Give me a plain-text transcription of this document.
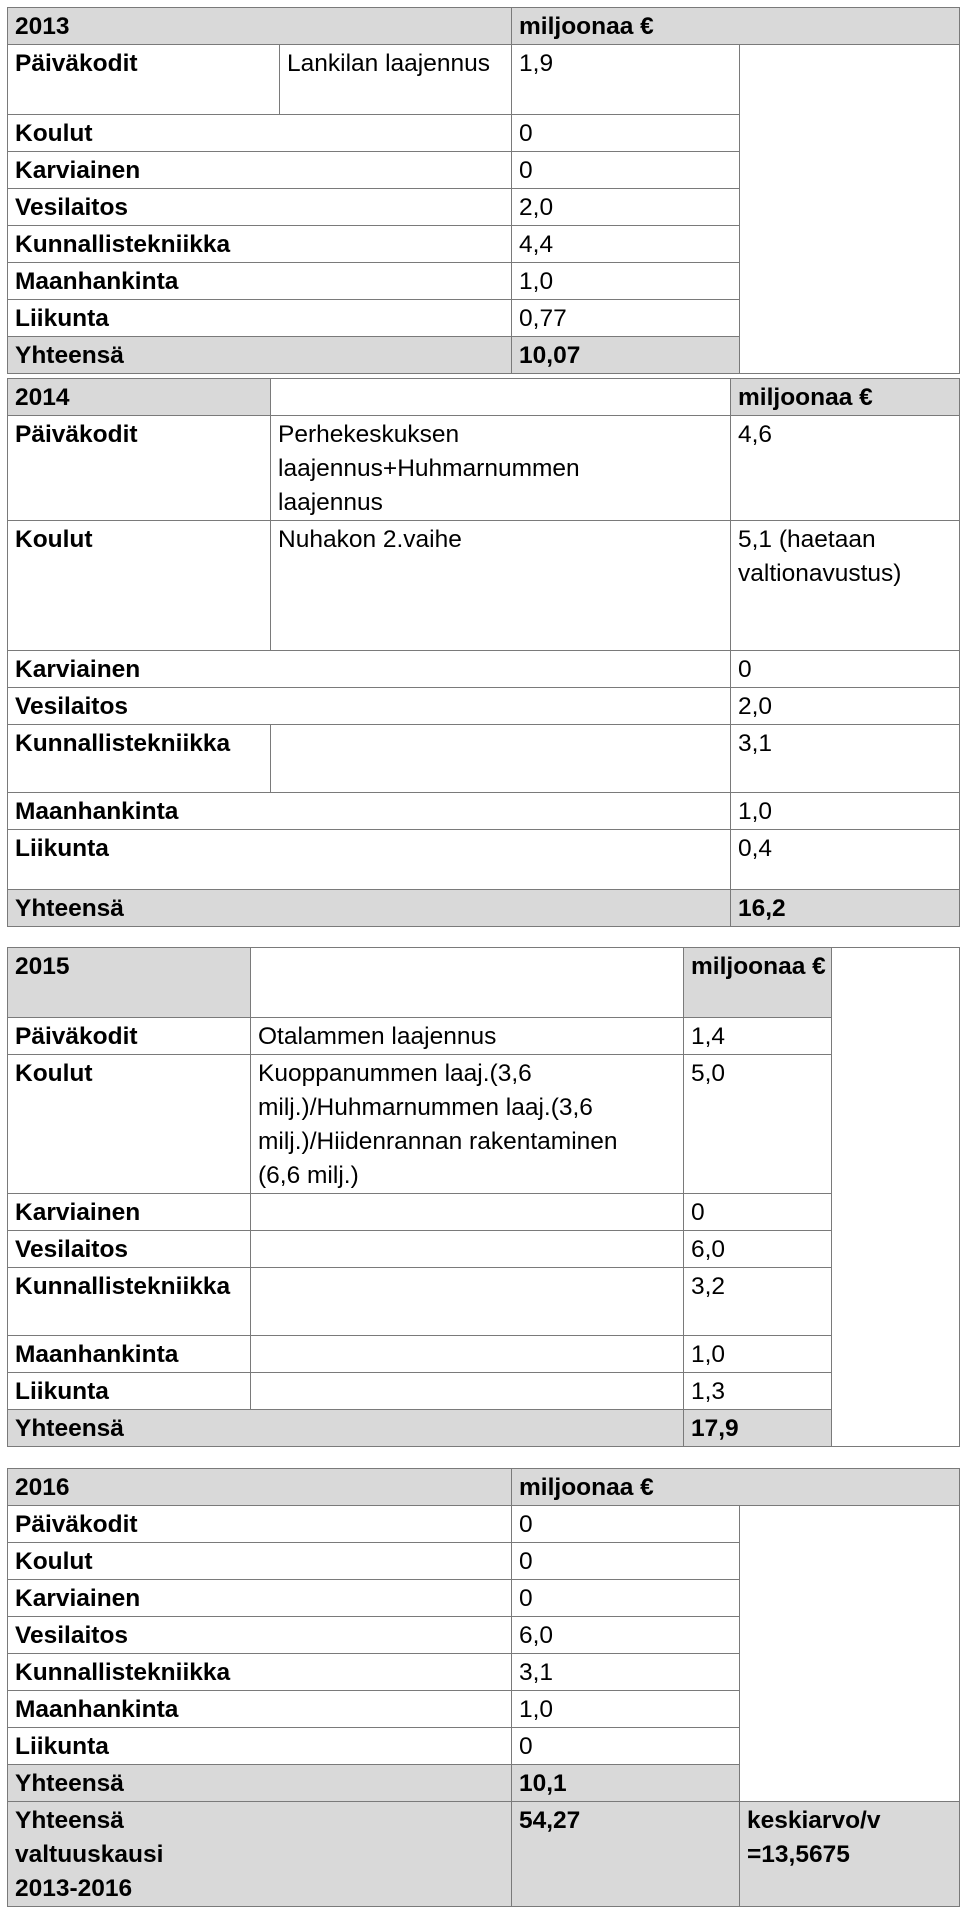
2013		miljoonaa €	
Päiväkodit	Lankilan laajennus	1,9	
Koulut		0	
Karviainen		0	
Vesilaitos		2,0	
Kunnallistekniikka		4,4	
Maanhankinta		1,0	
Liikunta		0,77	
Yhteensä		10,07	
2014		miljoonaa €
Päiväkodit	Perhekeskuksen laajennus+Huhmarnummen laajennus	4,6
Koulut	Nuhakon 2.vaihe	5,1 (haetaan valtionavustus)
Karviainen		0
Vesilaitos		2,0
Kunnallistekniikka		3,1
Maanhankinta		1,0
Liikunta		0,4
Yhteensä		16,2
2015		miljoonaa €	
Päiväkodit	Otalammen laajennus	1,4	
Koulut	Kuoppanummen laaj.(3,6 milj.)/Huhmarnummen laaj.(3,6 milj.)/Hiidenrannan rakentaminen (6,6 milj.)	5,0	
Karviainen		0	
Vesilaitos		6,0	
Kunnallistekniikka		3,2	
Maanhankinta		1,0	
Liikunta		1,3	
Yhteensä		17,9	
2016	miljoonaa €	
Päiväkodit	0	
Koulut	0	
Karviainen	0	
Vesilaitos	6,0	
Kunnallistekniikka	3,1	
Maanhankinta	1,0	
Liikunta	0	
Yhteensä	10,1	
Yhteensä valtuuskausi 2013-2016	54,27	keskiarvo/v =13,5675
